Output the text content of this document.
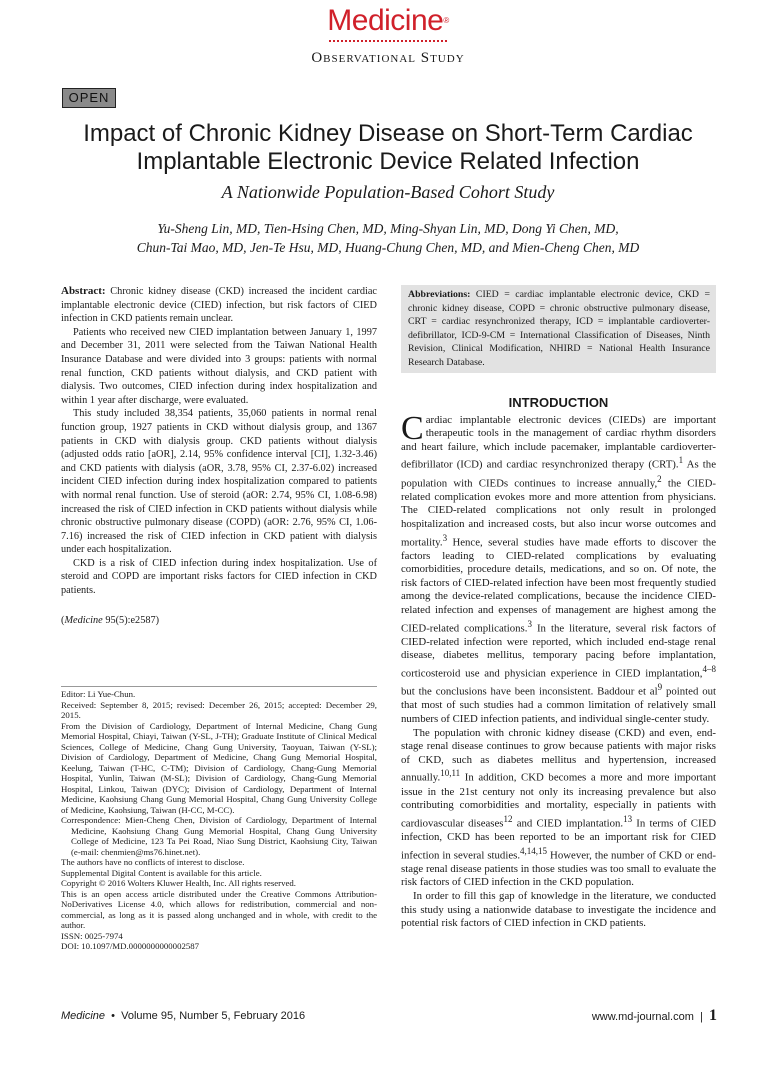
Medicine®
Observational Study
OPEN
Impact of Chronic Kidney Disease on Short-Term Cardiac
Implantable Electronic Device Related Infection
A Nationwide Population-Based Cohort Study
Yu-Sheng Lin, MD, Tien-Hsing Chen, MD, Ming-Shyan Lin, MD, Dong Yi Chen, MD,
Chun-Tai Mao, MD, Jen-Te Hsu, MD, Huang-Chung Chen, MD, and Mien-Cheng Chen, MD

Abstract: Chronic kidney disease (CKD) increased the incident cardiac implantable electronic device (CIED) infection, but risk factors of CIED infection in CKD patients remain unclear.

Patients who received new CIED implantation between January 1, 1997 and December 31, 2011 were selected from the Taiwan National Health Insurance Database and were divided into 3 groups: patients with normal renal function, CKD patients without dialysis, and CKD patient with dialysis. Two outcomes, CIED infection during index hospitalization and within 1 year after discharge, were evaluated.

This study included 38,354 patients, 35,060 patients in normal renal function group, 1927 patients in CKD without dialysis group, and 1367 patients in CKD with dialysis group. CKD patients without dialysis (adjusted odds ratio [aOR], 2.14, 95% confidence interval [CI], 1.32-3.46) and CKD patients with dialysis (aOR, 3.78, 95% CI, 2.37-6.02) increased incident CIED infection during index hospitalization compared to patients with normal renal function. Use of steroid (aOR: 2.74, 95% CI, 1.08-6.98) increased the risk of CIED infection in CKD patients without dialysis while chronic obstructive pulmonary disease (COPD) (aOR: 2.76, 95% CI, 1.06-7.16) increased the risk of CIED infection in CKD patient with dialysis under each hospitalization.

CKD is a risk of CIED infection during index hospitalization. Use of steroid and COPD are important risks factors for CIED infection in CKD patients.

(Medicine 95(5):e2587)

Editor: Li Yue-Chun.

Received: September 8, 2015; revised: December 26, 2015; accepted: December 29, 2015.

From the Division of Cardiology, Department of Internal Medicine, Chang Gung Memorial Hospital, Chiayi, Taiwan (Y-SL, J-TH); Graduate Institute of Clinical Medical Sciences, College of Medicine, Chang Gung University, Taoyuan, Taiwan (Y-SL); Division of Cardiology, Department of Medicine, Chang Gung Memorial Hospital, Keelung, Taiwan (T-HC, C-TM); Division of Cardiology, Chang-Gung Memorial Hospital, Yunlin, Taiwan (M-SL); Division of Cardiology, Chang-Gung Memorial Hospital, Linkou, Taiwan (DYC); Division of Cardiology, Department of Internal Medicine, Kaohsiung Chang Gung Memorial Hospital, Chang Gung University College of Medicine, Kaohsiung, Taiwan (H-CC, M-CC).

Correspondence: Mien-Cheng Chen, Division of Cardiology, Department of Internal Medicine, Kaohsiung Chang Gung Memorial Hospital, Chang Gung University College of Medicine, 123 Ta Pei Road, Niao Sung District, Kaohsiung City, Taiwan (e-mail: chenmien@ms76.hinet.net).

The authors have no conflicts of interest to disclose.

Supplemental Digital Content is available for this article.

Copyright © 2016 Wolters Kluwer Health, Inc. All rights reserved.

This is an open access article distributed under the Creative Commons Attribution-NoDerivatives License 4.0, which allows for redistribution, commercial and non-commercial, as long as it is passed along unchanged and in whole, with credit to the author.

ISSN: 0025-7974

DOI: 10.1097/MD.0000000000002587

Abbreviations: CIED = cardiac implantable electronic device, CKD = chronic kidney disease, COPD = chronic obstructive pulmonary disease, CRT = cardiac resynchronized therapy, ICD = implantable cardioverter-defibrillator, ICD-9-CM = International Classification of Diseases, Ninth Revision, Clinical Modification, NHIRD = National Health Insurance Research Database.

INTRODUCTION

Cardiac implantable electronic devices (CIEDs) are important therapeutic tools in the management of cardiac rhythm disorders and heart failure, which include pacemaker, implantable cardioverter-defibrillator (ICD) and cardiac resynchronized therapy (CRT).$^1$ As the population with CIEDs continues to increase annually,$^2$ the CIED-related complication evokes more and more attention from physicians. The CIED-related complications not only result in prolonged hospitalization and increased costs, but also incur worse outcomes and mortality.$^3$ Hence, several studies have made efforts to discover the factors leading to CIED-related complications by evaluating comorbidities, procedure details, medications, and so on. Of note, the risk factors of CIED-related infection have been most frequently studied among the device-related complications, because the incidence CIED-related infection and expenses of management are highest among the CIED-related complications.$^3$ In the literature, several risk factors of CIED-related infection were reported, which included end-stage renal disease, diabetes mellitus, temporary pacing before implantation, corticosteroid use and physician experience in CIED implantation,$^{4-8}$ but the conclusions have been inconsistent. Baddour et $al^9$ pointed out that most of such studies had a common limitation of relatively small numbers of CIED infection patients, and individual single-center study.

The population with chronic kidney disease (CKD) and even, end-stage renal disease continues to grow because patients with major risks of CKD, such as diabetes mellitus and hypertension, increased annually.$^{10,11}$ In addition, CKD becomes a more and more important issue in the 21st century not only its increasing prevalence but also contributing comorbidities and mortality, especially in patients with cardiovascular diseases$^{12}$ and CIED implantation.$^{13}$ In terms of CIED infection, CKD has been reported to be an important risk for CIED infection in several studies.$^{4,14,15}$ However, the number of CKD or end-stage renal disease patients in those studies was too small to evaluate the risk factors of CIED infection in the CKD population.

In order to fill this gap of knowledge in the literature, we conducted this study using a nationwide database to investigate the incidence and potential risk factors of CIED infection in CKD patients.

Medicine  •  Volume 95, Number 5, February 2016	www.md-journal.com  |  1
